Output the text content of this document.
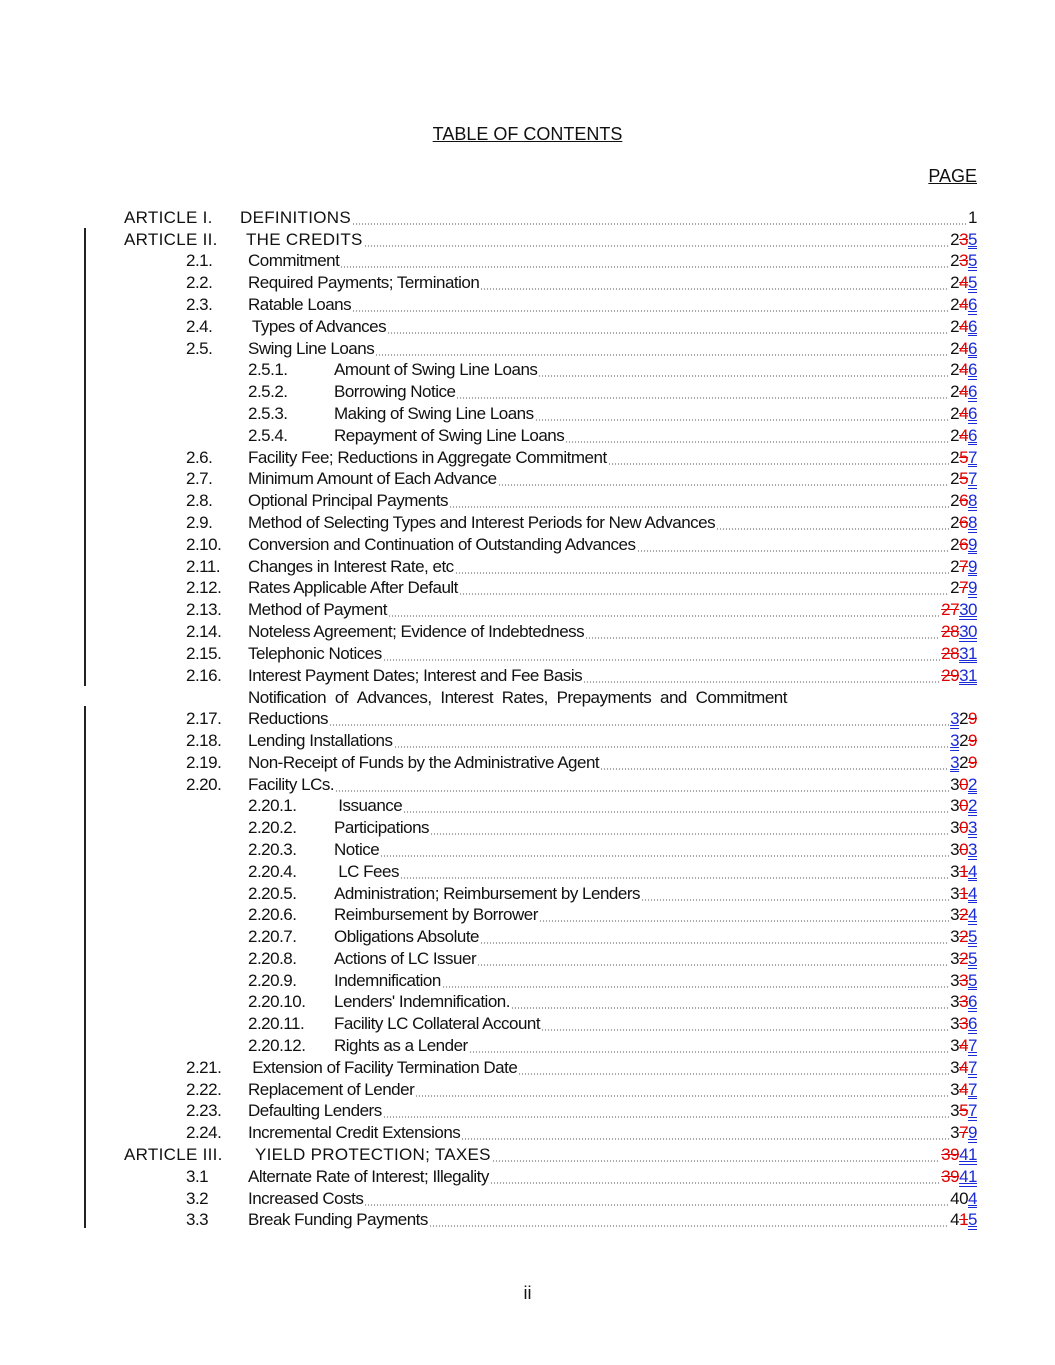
TABLE OF CONTENTS
PAGE
ARTICLE I. DEFINITIONS	1
ARTICLE II. THE CREDITS	235
2.1. Commitment	235
2.2. Required Payments; Termination	245
2.3. Ratable Loans	246
2.4. Types of Advances	246
2.5. Swing Line Loans	246
2.5.1.	Amount of Swing Line Loans	246
2.5.2.	Borrowing Notice	246
2.5.3.	Making of Swing Line Loans	246
2.5.4.	Repayment of Swing Line Loans	246
2.6. Facility Fee; Reductions in Aggregate Commitment	257
2.7. Minimum Amount of Each Advance	257
2.8. Optional Principal Payments	268
2.9. Method of Selecting Types and Interest Periods for New Advances	268
2.10. Conversion and Continuation of Outstanding Advances	269
2.11. Changes in Interest Rate, etc	279
2.12. Rates Applicable After Default	279
2.13. Method of Payment	2730
2.14. Noteless Agreement; Evidence of Indebtedness	2830
2.15. Telephonic Notices	2831
2.16. Interest Payment Dates; Interest and Fee Basis	2931
2.17.
Notification of Advances, Interest Rates, Prepayments and Commitment
Reductions	329
2.18. Lending Installations	329
2.19. Non-Receipt of Funds by the Administrative Agent	329
2.20. Facility LCs.	302
2.20.1. Issuance	302
2.20.2. Participations	303
2.20.3. Notice	303
2.20.4. LC Fees	314
2.20.5. Administration; Reimbursement by Lenders	314
2.20.6. Reimbursement by Borrower	324
2.20.7. Obligations Absolute	325
2.20.8. Actions of LC Issuer	325
2.20.9. Indemnification	335
2.20.10. Lenders' Indemnification.	336
2.20.11. Facility LC Collateral Account	336
2.20.12. Rights as a Lender	347
2.21. Extension of Facility Termination Date	347
2.22. Replacement of Lender	347
2.23. Defaulting Lenders	357
2.24. Incremental Credit Extensions	379
ARTICLE III. YIELD PROTECTION; TAXES	3941
3.1 Alternate Rate of Interest; Illegality	3941
3.2 Increased Costs	404
3.3 Break Funding Payments	415
ii
